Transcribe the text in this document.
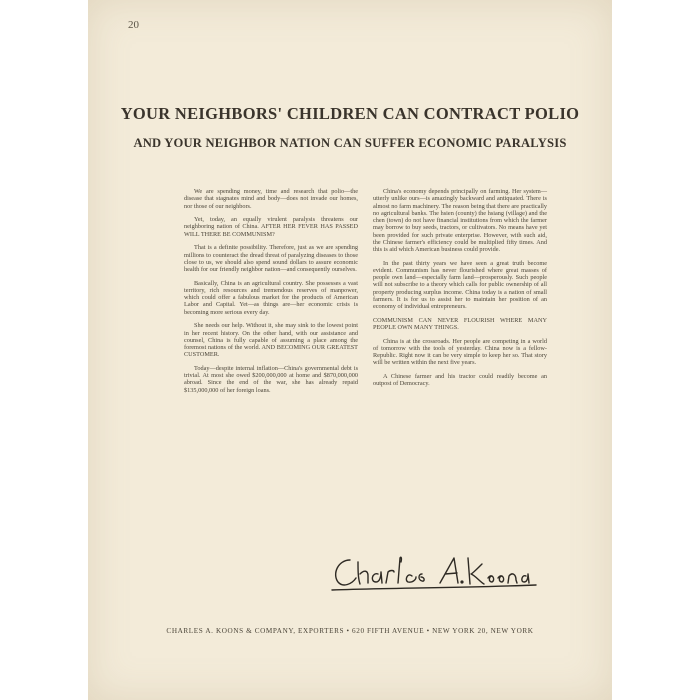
20
YOUR NEIGHBORS' CHILDREN CAN CONTRACT POLIO
AND YOUR NEIGHBOR NATION CAN SUFFER ECONOMIC PARALYSIS

We are spending money, time and research that polio—the disease that stagnates mind and body—does not invade our homes, nor those of our neighbors.

Yet, today, an equally virulent paralysis threatens our neighboring nation of China. AFTER HER FEVER HAS PASSED WILL THERE BE COMMUNISM?

That is a definite possibility. Therefore, just as we are spending millions to counteract the dread threat of paralyzing diseases to those close to us, we should also spend sound dollars to assure economic health for our friendly neighbor nation—and consequently ourselves.

Basically, China is an agricultural country. She possesses a vast territory, rich resources and tremendous reserves of manpower, which could offer a fabulous market for the products of American Labor and Capital. Yet—as things are—her economic crisis is becoming more serious every day.

She needs our help. Without it, she may sink to the lowest point in her recent history. On the other hand, with our assistance and counsel, China is fully capable of assuming a place among the foremost nations of the world. AND BECOMING OUR GREATEST CUSTOMER.

Today—despite internal inflation—China's governmental debt is trivial. At most she owed $200,000,000 at home and $870,000,000 abroad. Since the end of the war, she has already repaid $135,000,000 of her foreign loans.

China's economy depends principally on farming. Her system—utterly unlike ours—is amazingly backward and antiquated. There is almost no farm machinery. The reason being that there are practically no agricultural banks. The hsien (county) the hsiang (village) and the chen (town) do not have financial institutions from which the farmer may borrow to buy seeds, tractors, or cultivators. No means have yet been provided for such private enterprise. However, with such aid, the Chinese farmer's efficiency could be multiplied fifty times. And this is aid which American business could provide.

In the past thirty years we have seen a great truth become evident. Communism has never flourished where great masses of people own land—especially farm land—prosperously. Such people will not subscribe to a theory which calls for public ownership of all property producing surplus income. China today is a nation of small farmers. It is for us to assist her to maintain her position of an economy of individual entrepreneurs.

COMMUNISM CAN NEVER FLOURISH WHERE MANY PEOPLE OWN MANY THINGS.

China is at the crossroads. Her people are competing in a world of tomorrow with the tools of yesterday. China now is a fellow-Republic. Right now it can be very simple to keep her so. That story will be written within the next five years.

A Chinese farmer and his tractor could readily become an outpost of Democracy.

CHARLES A. KOONS & COMPANY, EXPORTERS • 620 FIFTH AVENUE • NEW YORK 20, NEW YORK
